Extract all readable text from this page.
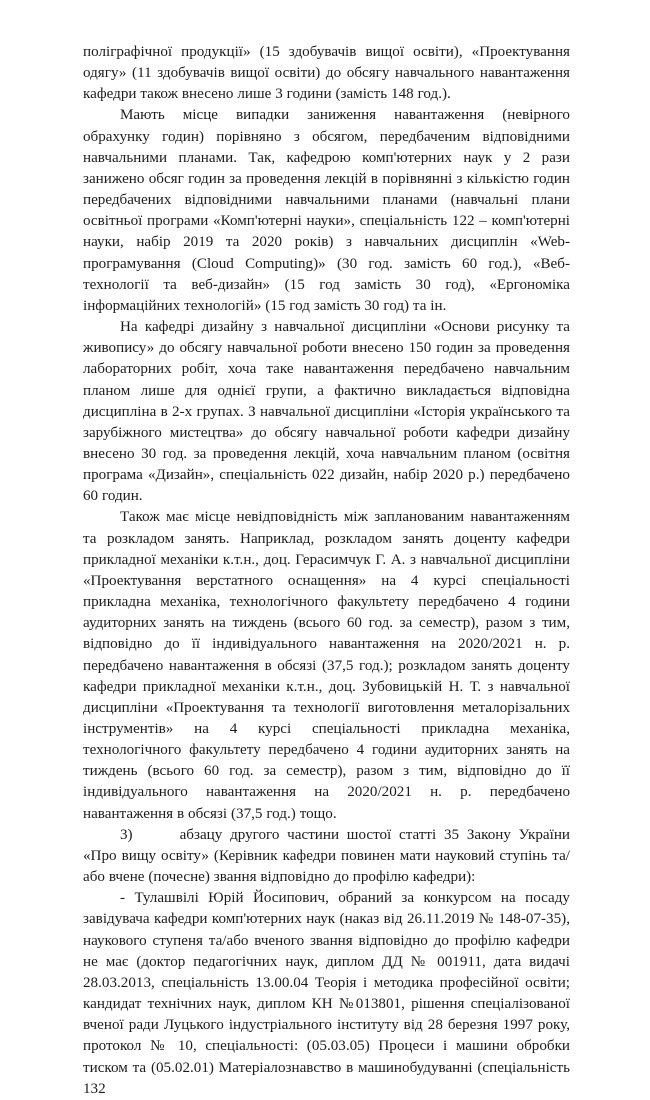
поліграфічної продукції» (15 здобувачів вищої освіти), «Проектування одягу» (11 здобувачів вищої освіти) до обсягу навчального навантаження кафедри також внесено лише 3 години (замість 148 год.).

Мають місце випадки заниження навантаження (невірного обрахунку годин) порівняно з обсягом, передбаченим відповідними навчальними планами. Так, кафедрою комп'ютерних наук у 2 рази занижено обсяг годин за проведення лекцій в порівнянні з кількістю годин передбачених відповідними навчальними планами (навчальні плани освітньої програми «Комп'ютерні науки», спеціальність 122 – комп'ютерні науки, набір 2019 та 2020 років) з навчальних дисциплін «Web-програмування (Cloud Computing)» (30 год. замість 60 год.), «Веб-технології та веб-дизайн» (15 год замість 30 год), «Ергономіка інформаційних технологій» (15 год замість 30 год) та ін.

На кафедрі дизайну з навчальної дисципліни «Основи рисунку та живопису» до обсягу навчальної роботи внесено 150 годин за проведення лабораторних робіт, хоча таке навантаження передбачено навчальним планом лише для однієї групи, а фактично викладається відповідна дисципліна в 2-х групах. З навчальної дисципліни «Історія українського та зарубіжного мистецтва» до обсягу навчальної роботи кафедри дизайну внесено 30 год. за проведення лекцій, хоча навчальним планом (освітня програма «Дизайн», спеціальність 022 дизайн, набір 2020 р.) передбачено 60 годин.

Також має місце невідповідність між запланованим навантаженням та розкладом занять. Наприклад, розкладом занять доценту кафедри прикладної механіки к.т.н., доц. Герасимчук Г. А. з навчальної дисципліни «Проектування верстатного оснащення» на 4 курсі спеціальності прикладна механіка, технологічного факультету передбачено 4 години аудиторних занять на тиждень (всього 60 год. за семестр), разом з тим, відповідно до її індивідуального навантаження на 2020/2021 н. р. передбачено навантаження в обсязі (37,5 год.); розкладом занять доценту кафедри прикладної механіки к.т.н., доц. Зубовицькій Н. Т. з навчальної дисципліни «Проектування та технології виготовлення металорізальних інструментів» на 4 курсі спеціальності прикладна механіка, технологічного факультету передбачено 4 години аудиторних занять на тиждень (всього 60 год. за семестр), разом з тим, відповідно до її індивідуального навантаження на 2020/2021 н. р. передбачено навантаження в обсязі (37,5 год.) тощо.

3)	абзацу другого частини шостої статті 35 Закону України «Про вищу освіту» (Керівник кафедри повинен мати науковий ступінь та/або вчене (почесне) звання відповідно до профілю кафедри):

- Тулашвілі Юрій Йосипович, обраний за конкурсом на посаду завідувача кафедри комп'ютерних наук (наказ від 26.11.2019 № 148-07-35), наукового ступеня та/або вченого звання відповідно до профілю кафедри не має (доктор педагогічних наук, диплом ДД № 001911, дата видачі 28.03.2013, спеціальність 13.00.04 Теорія і методика професійної освіти; кандидат технічних наук, диплом КН №013801, рішення спеціалізованої вченої ради Луцького індустріального інституту від 28 березня 1997 року, протокол № 10, спеціальності: (05.03.05) Процеси і машини обробки тиском та (05.02.01) Матеріалознавство в машинобудуванні (спеціальність 132
